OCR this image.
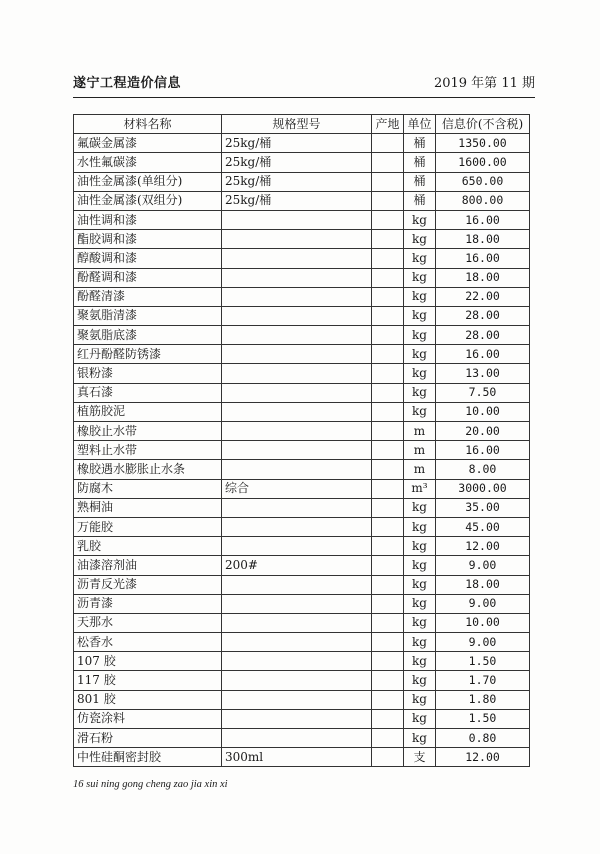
遂宁工程造价信息	2019 年第 11 期
材料名称	规格型号	产地	单位	信息价(不含税)
氟碳金属漆	25kg/桶		桶	1350.00
水性氟碳漆	25kg/桶		桶	1600.00
油性金属漆(单组分)	25kg/桶		桶	650.00
油性金属漆(双组分)	25kg/桶		桶	800.00
油性调和漆			kg	16.00
酯胶调和漆			kg	18.00
醇酸调和漆			kg	16.00
酚醛调和漆			kg	18.00
酚醛清漆			kg	22.00
聚氨脂清漆			kg	28.00
聚氨脂底漆			kg	28.00
红丹酚醛防锈漆			kg	16.00
银粉漆			kg	13.00
真石漆			kg	7.50
植筋胶泥			kg	10.00
橡胶止水带			m	20.00
塑料止水带			m	16.00
橡胶遇水膨胀止水条			m	8.00
防腐木	综合		m³	3000.00
熟桐油			kg	35.00
万能胶			kg	45.00
乳胶			kg	12.00
油漆溶剂油	200#		kg	9.00
沥青反光漆			kg	18.00
沥青漆			kg	9.00
天那水			kg	10.00
松香水			kg	9.00
107 胶			kg	1.50
117 胶			kg	1.70
801 胶			kg	1.80
仿瓷涂料			kg	1.50
滑石粉			kg	0.80
中性硅酮密封胶	300ml		支	12.00
16 sui ning gong cheng zao jia xin xi
